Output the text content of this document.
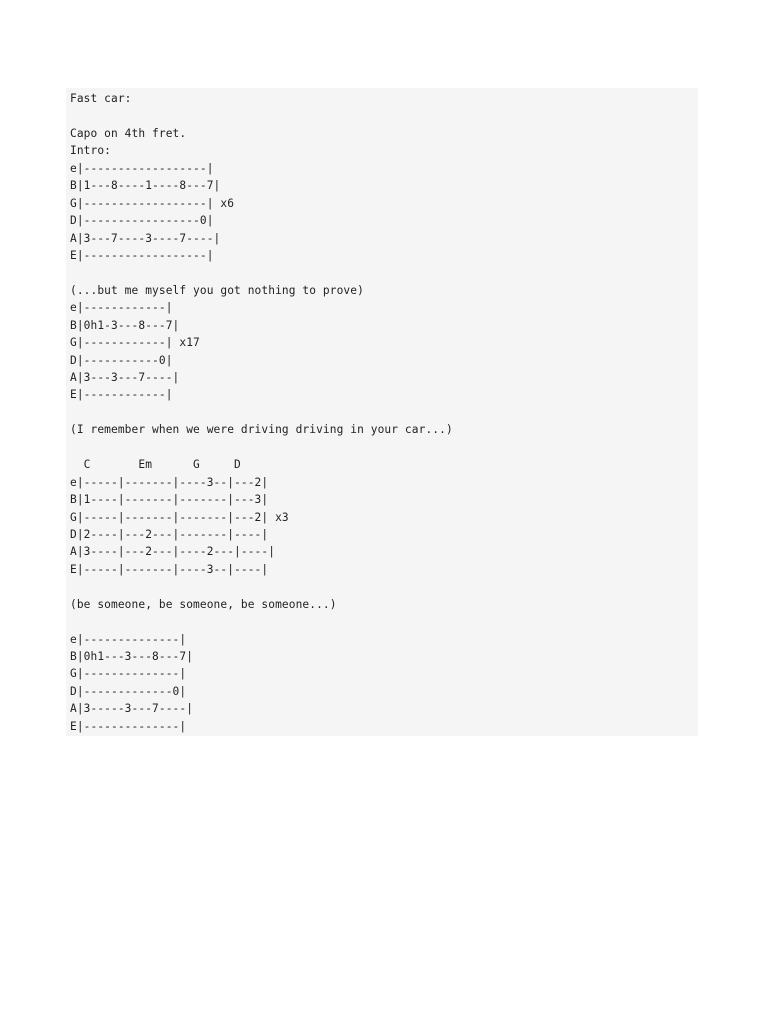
Fast car:
Capo on 4th fret.
Intro:
e|------------------|
B|1---8----1----8---7|
G|------------------| x6
D|-----------------0|
A|3---7----3----7----|
E|------------------|
(...but me myself you got nothing to prove)
e|------------|
B|0h1-3---8---7|
G|------------| x17
D|-----------0|
A|3---3---7----|
E|------------|
(I remember when we were driving driving in your car...)
C       Em      G     D
e|-----|-------|----3--|---2|
B|1----|-------|-------|---3|
G|-----|-------|-------|---2| x3
D|2----|---2---|-------|----|
A|3----|---2---|----2---|----|
E|-----|-------|----3--|----|
(be someone, be someone, be someone...)
e|--------------|
B|0h1---3---8---7|
G|--------------|
D|-------------0|
A|3-----3---7----|
E|--------------|
